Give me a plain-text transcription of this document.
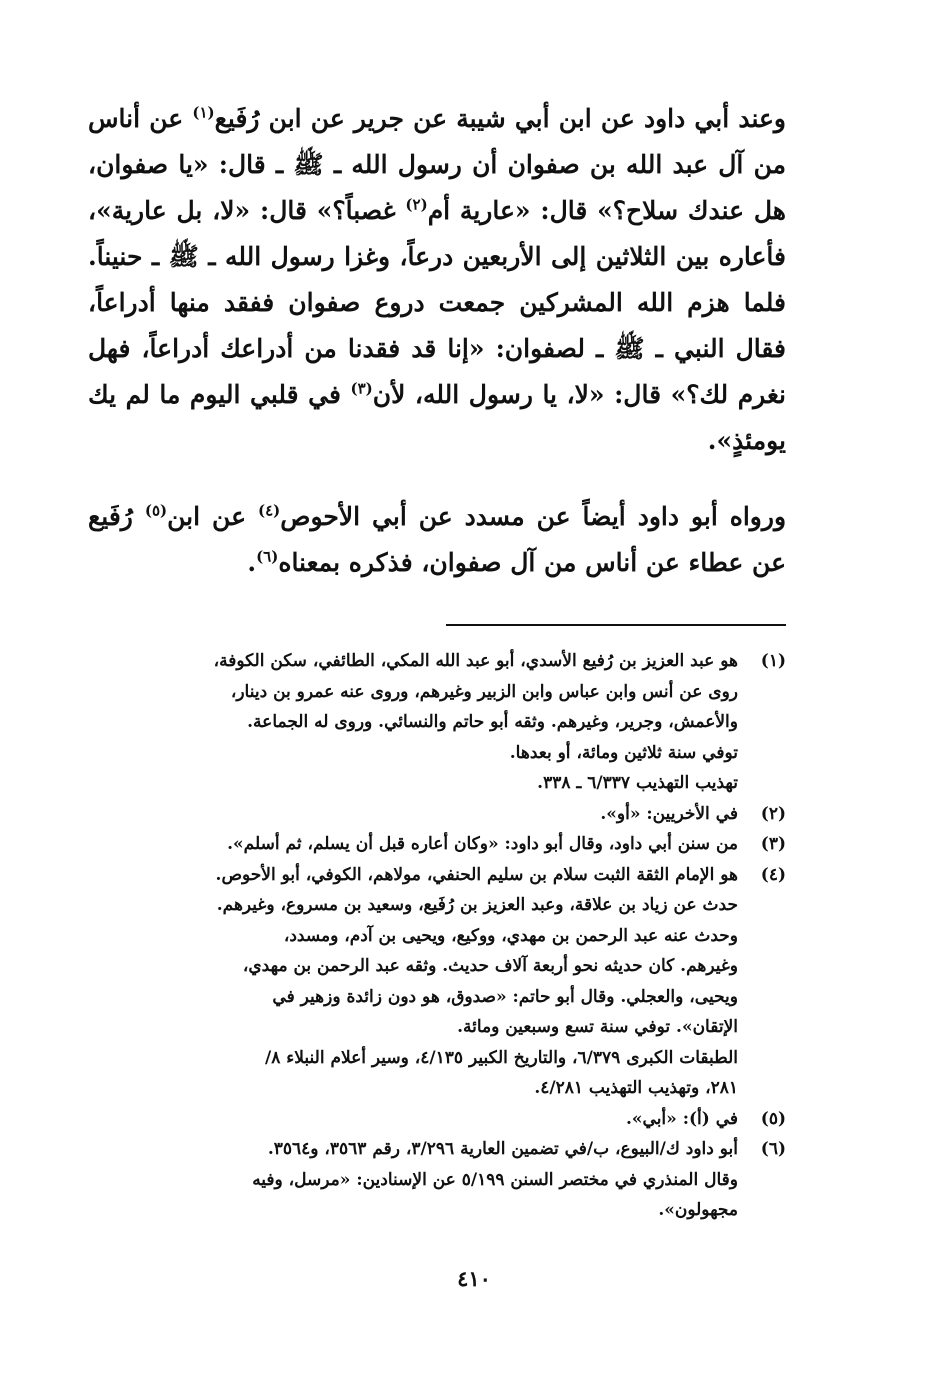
وعند أبي داود عن ابن أبي شيبة عن جرير عن ابن رُفَيع$^{(١)}$ عن أناس من آل عبد الله بن صفوان أن رسول الله ـ ﷺ ـ قال: «يا صفوان، هل عندك سلاح؟» قال: «عارية أم$^{(٢)}$ غصباً؟» قال: «لا، بل عارية»، فأعاره بين الثلاثين إلى الأربعين درعاً، وغزا رسول الله ـ ﷺ ـ حنيناً. فلما هزم الله المشركين جمعت دروع صفوان ففقد منها أدراعاً، فقال النبي ـ ﷺ ـ لصفوان: «إنا قد فقدنا من أدراعك أدراعاً، فهل نغرم لك؟» قال: «لا، يا رسول الله، لأن$^{(٣)}$ في قلبي اليوم ما لم يك يومئذٍ».

ورواه أبو داود أيضاً عن مسدد عن أبي الأحوص$^{(٤)}$ عن ابن$^{(٥)}$ رُفَيع عن عطاء عن أناس من آل صفوان، فذكره بمعناه$^{(٦)}$.

(١)
هو عبد العزيز بن رُفيع الأسدي، أبو عبد الله المكي، الطائفي، سكن الكوفة،
روى عن أنس وابن عباس وابن الزبير وغيرهم، وروى عنه عمرو بن دينار،
والأعمش، وجرير، وغيرهم. وثقه أبو حاتم والنسائي. وروى له الجماعة.
توفي سنة ثلاثين ومائة، أو بعدها.
تهذيب التهذيب ٦/٣٣٧ ـ ٣٣٨.
(٢)
في الأخريين: «أو».
(٣)
من سنن أبي داود، وقال أبو داود: «وكان أعاره قبل أن يسلم، ثم أسلم».
(٤)
هو الإمام الثقة الثبت سلام بن سليم الحنفي، مولاهم، الكوفي، أبو الأحوص.
حدث عن زياد بن علاقة، وعبد العزيز بن رُفَيع، وسعيد بن مسروع، وغيرهم.
وحدث عنه عبد الرحمن بن مهدي، ووكيع، ويحيى بن آدم، ومسدد،
وغيرهم. كان حديثه نحو أربعة آلاف حديث. وثقه عبد الرحمن بن مهدي،
ويحيى، والعجلي. وقال أبو حاتم: «صدوق، هو دون زائدة وزهير في
الإتقان». توفي سنة تسع وسبعين ومائة.
الطبقات الكبرى ٦/٣٧٩، والتاريخ الكبير ٤/١٣٥، وسير أعلام النبلاء ٨/
٢٨١، وتهذيب التهذيب ٤/٢٨١.
(٥)
في (أ): «أبي».
(٦)
أبو داود ك/البيوع، ب/في تضمين العارية ٣/٢٩٦، رقم ٣٥٦٣، و٣٥٦٤.
وقال المنذري في مختصر السنن ٥/١٩٩ عن الإسنادين: «مرسل، وفيه
مجهولون».
٤١٠
